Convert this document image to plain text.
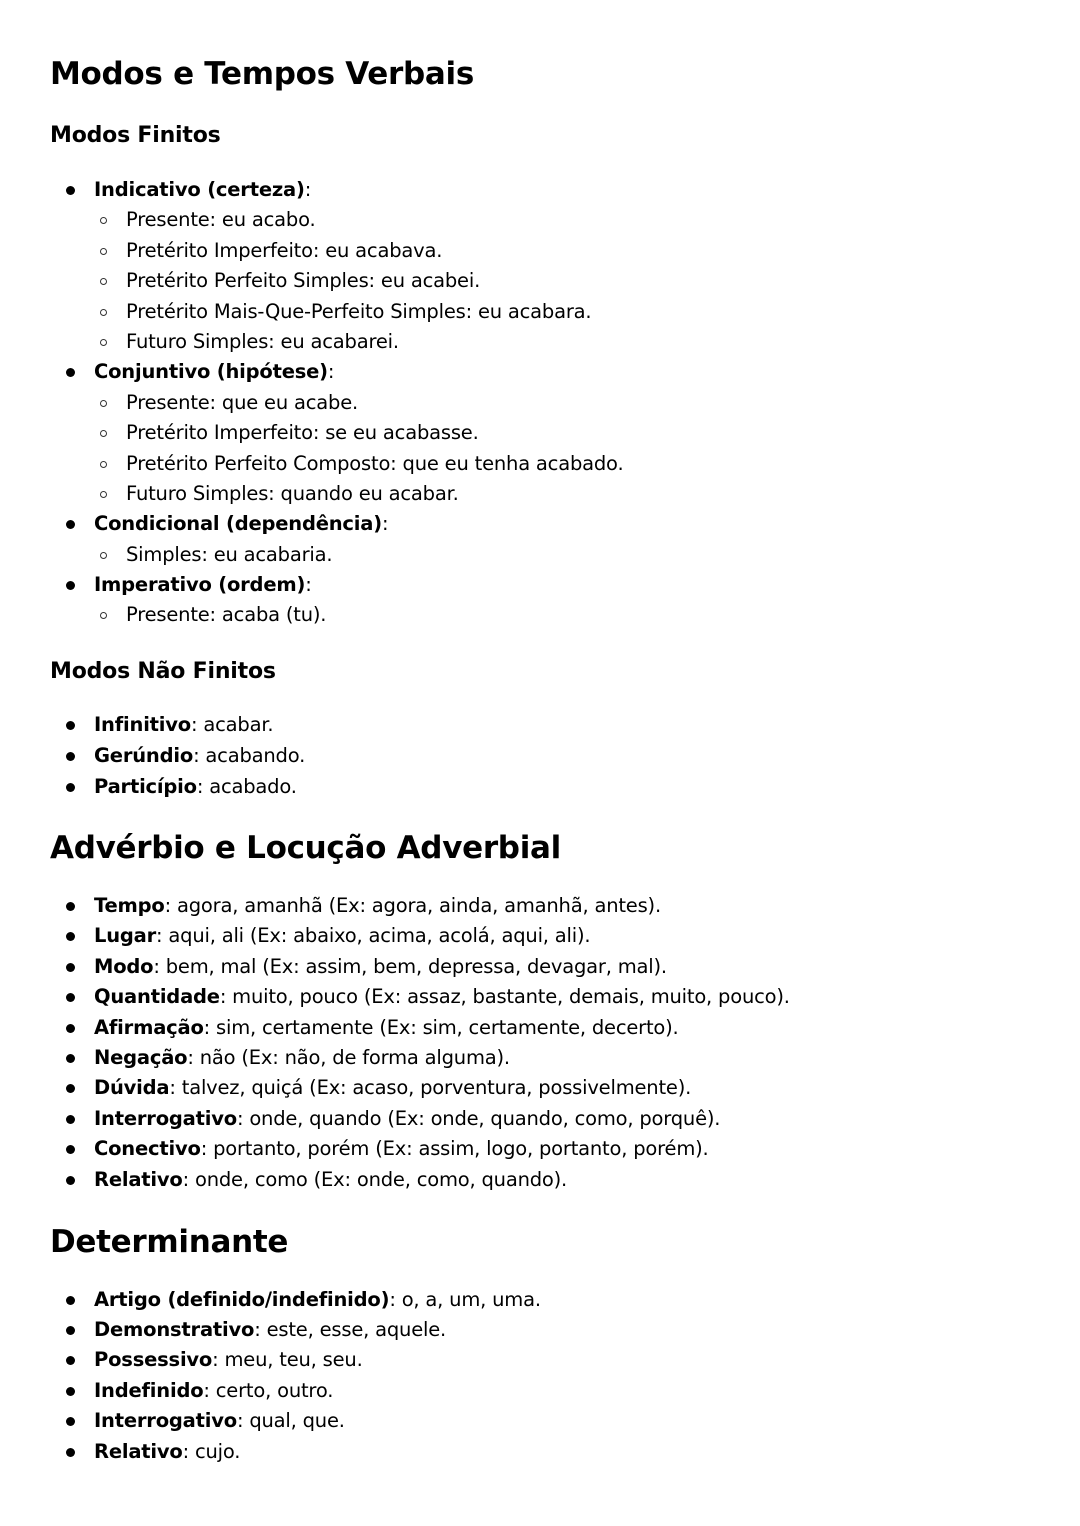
Modos e Tempos Verbais
Modos Finitos
Indicativo (certeza):
Presente: eu acabo.
Pretérito Imperfeito: eu acabava.
Pretérito Perfeito Simples: eu acabei.
Pretérito Mais-Que-Perfeito Simples: eu acabara.
Futuro Simples: eu acabarei.
Conjuntivo (hipótese):
Presente: que eu acabe.
Pretérito Imperfeito: se eu acabasse.
Pretérito Perfeito Composto: que eu tenha acabado.
Futuro Simples: quando eu acabar.
Condicional (dependência):
Simples: eu acabaria.
Imperativo (ordem):
Presente: acaba (tu).
Modos Não Finitos
Infinitivo: acabar.
Gerúndio: acabando.
Particípio: acabado.
Advérbio e Locução Adverbial
Tempo: agora, amanhã (Ex: agora, ainda, amanhã, antes).
Lugar: aqui, ali (Ex: abaixo, acima, acolá, aqui, ali).
Modo: bem, mal (Ex: assim, bem, depressa, devagar, mal).
Quantidade: muito, pouco (Ex: assaz, bastante, demais, muito, pouco).
Afirmação: sim, certamente (Ex: sim, certamente, decerto).
Negação: não (Ex: não, de forma alguma).
Dúvida: talvez, quiçá (Ex: acaso, porventura, possivelmente).
Interrogativo: onde, quando (Ex: onde, quando, como, porquê).
Conectivo: portanto, porém (Ex: assim, logo, portanto, porém).
Relativo: onde, como (Ex: onde, como, quando).
Determinante
Artigo (definido/indefinido): o, a, um, uma.
Demonstrativo: este, esse, aquele.
Possessivo: meu, teu, seu.
Indefinido: certo, outro.
Interrogativo: qual, que.
Relativo: cujo.
